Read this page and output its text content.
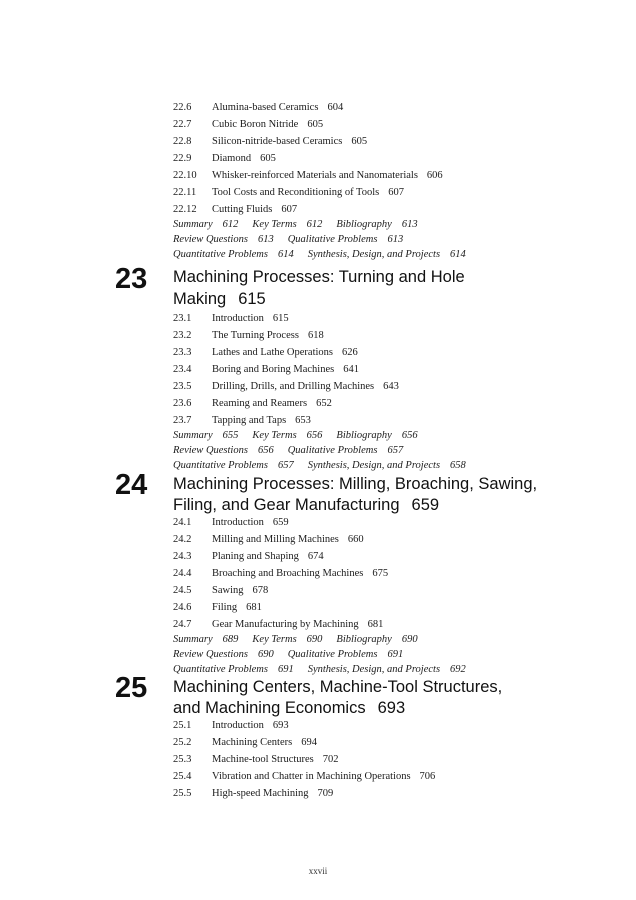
22.6 Alumina-based Ceramics 604
22.7 Cubic Boron Nitride 605
22.8 Silicon-nitride-based Ceramics 605
22.9 Diamond 605
22.10 Whisker-reinforced Materials and Nanomaterials 606
22.11 Tool Costs and Reconditioning of Tools 607
22.12 Cutting Fluids 607
Summary 612 Key Terms 612 Bibliography 613
Review Questions 613 Qualitative Problems 613
Quantitative Problems 614 Synthesis, Design, and Projects 614
23	Machining Processes: Turning and Hole
Making 615
23.1 Introduction 615
23.2 The Turning Process 618
23.3 Lathes and Lathe Operations 626
23.4 Boring and Boring Machines 641
23.5 Drilling, Drills, and Drilling Machines 643
23.6 Reaming and Reamers 652
23.7 Tapping and Taps 653
Summary 655 Key Terms 656 Bibliography 656
Review Questions 656 Qualitative Problems 657
Quantitative Problems 657 Synthesis, Design, and Projects 658
24	Machining Processes: Milling, Broaching, Sawing,
Filing, and Gear Manufacturing 659
24.1 Introduction 659
24.2 Milling and Milling Machines 660
24.3 Planing and Shaping 674
24.4 Broaching and Broaching Machines 675
24.5 Sawing 678
24.6 Filing 681
24.7 Gear Manufacturing by Machining 681
Summary 689 Key Terms 690 Bibliography 690
Review Questions 690 Qualitative Problems 691
Quantitative Problems 691 Synthesis, Design, and Projects 692
25	Machining Centers, Machine-Tool Structures,
and Machining Economics 693
25.1 Introduction 693
25.2 Machining Centers 694
25.3 Machine-tool Structures 702
25.4 Vibration and Chatter in Machining Operations 706
25.5 High-speed Machining 709
xxvii
